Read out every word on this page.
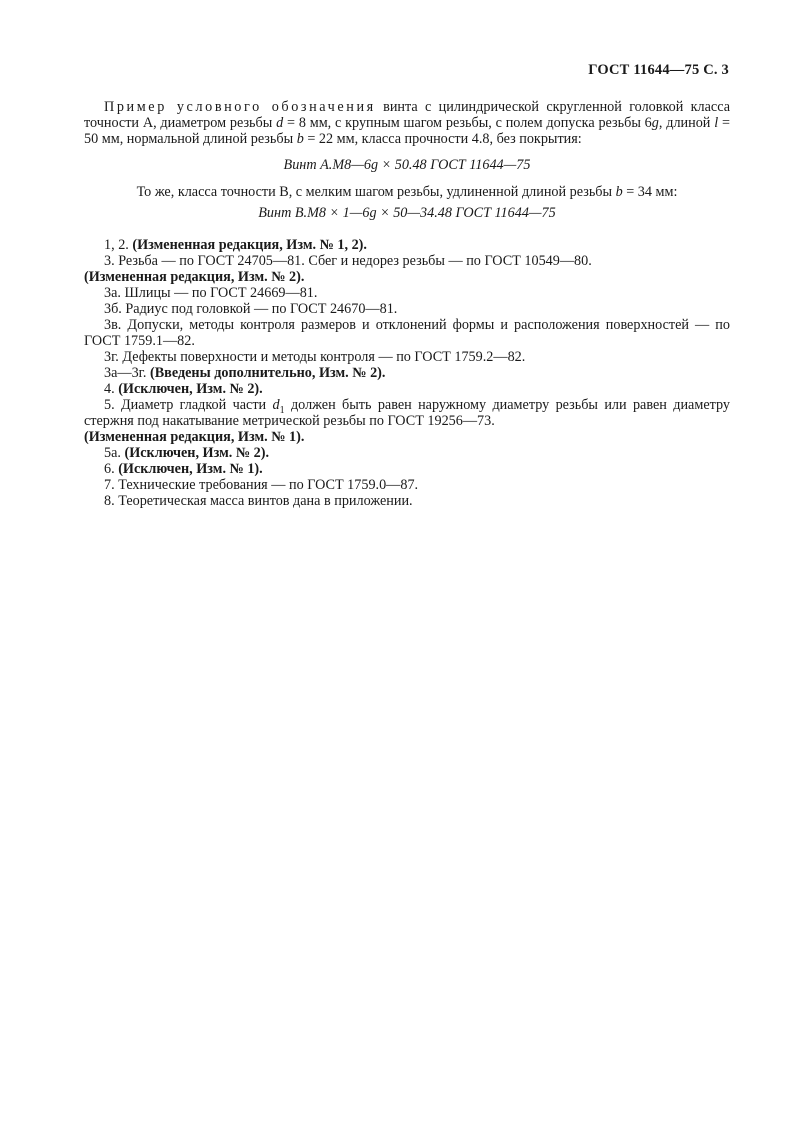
ГОСТ 11644—75 С. 3

Пример условного обозначения винта с цилиндрической скругленной головкой класса точности А, диаметром резьбы d = 8 мм, с крупным шагом резьбы, с полем допуска резьбы 6g, длиной l = 50 мм, нормальной длиной резьбы b = 22 мм, класса прочности 4.8, без покрытия:

Винт А.М8—6g × 50.48 ГОСТ 11644—75

То же, класса точности В, с мелким шагом резьбы, удлиненной длиной резьбы b = 34 мм:

Винт В.М8 × 1—6g × 50—34.48 ГОСТ 11644—75

1, 2. (Измененная редакция, Изм. № 1, 2).

3. Резьба — по ГОСТ 24705—81. Сбег и недорез резьбы — по ГОСТ 10549—80.

(Измененная редакция, Изм. № 2).

3а. Шлицы — по ГОСТ 24669—81.

3б. Радиус под головкой — по ГОСТ 24670—81.

3в. Допуски, методы контроля размеров и отклонений формы и расположения поверхностей — по ГОСТ 1759.1—82.

3г. Дефекты поверхности и методы контроля — по ГОСТ 1759.2—82.

3а—3г. (Введены дополнительно, Изм. № 2).

4. (Исключен, Изм. № 2).

5. Диаметр гладкой части $d_1$ должен быть равен наружному диаметру резьбы или равен диаметру стержня под накатывание метрической резьбы по ГОСТ 19256—73.

(Измененная редакция, Изм. № 1).

5а. (Исключен, Изм. № 2).

6. (Исключен, Изм. № 1).

7. Технические требования — по ГОСТ 1759.0—87.

8. Теоретическая масса винтов дана в приложении.
